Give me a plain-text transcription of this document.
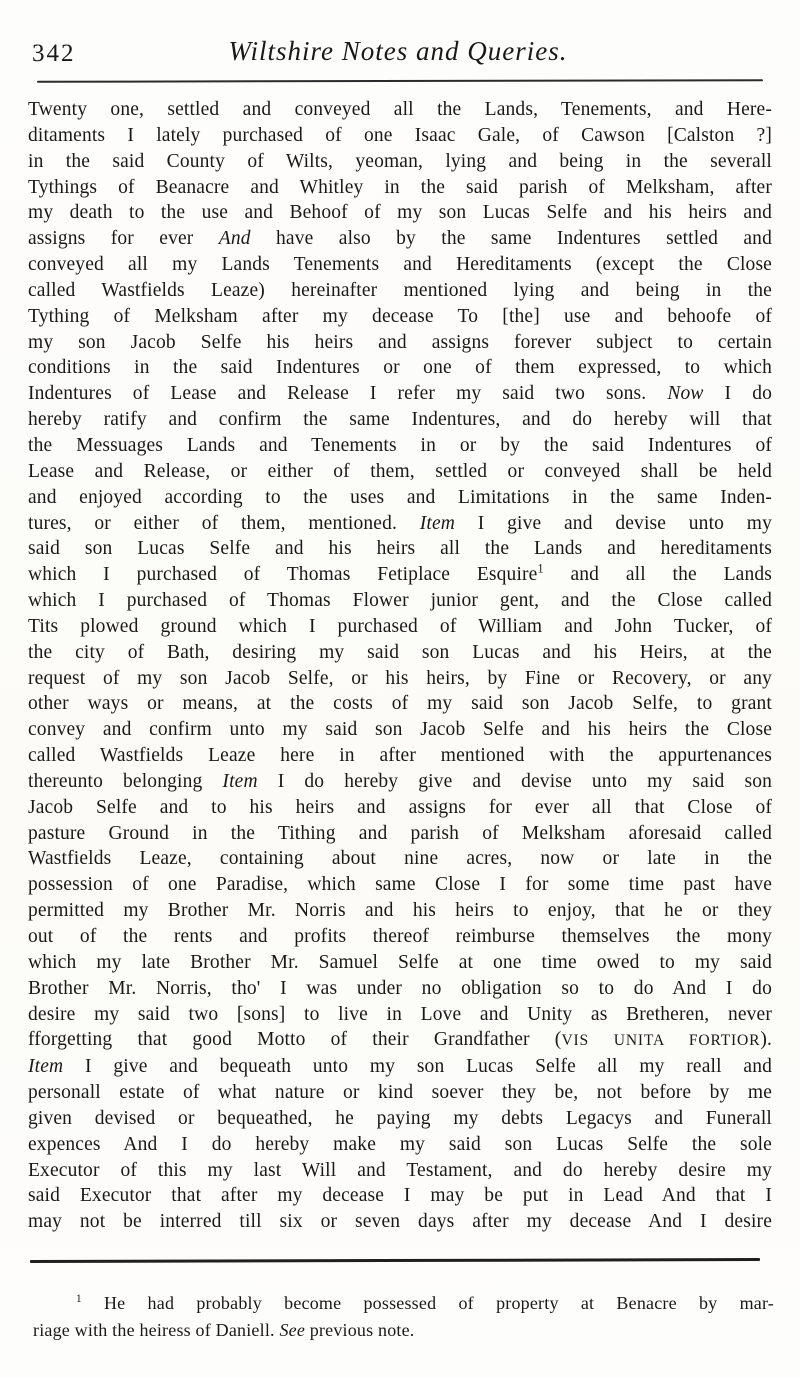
342	Wiltshire Notes and Queries.
Twenty one, settled and conveyed all the Lands, Tenements, and Here-
ditaments I lately purchased of one Isaac Gale, of Cawson [Calston ?]
in the said County of Wilts, yeoman, lying and being in the severall
Tythings of Beanacre and Whitley in the said parish of Melksham, after
my death to the use and Behoof of my son Lucas Selfe and his heirs and
assigns for ever And have also by the same Indentures settled and
conveyed all my Lands Tenements and Hereditaments (except the Close
called Wastfields Leaze) hereinafter mentioned lying and being in the
Tything of Melksham after my decease To [the] use and behoofe of
my son Jacob Selfe his heirs and assigns forever subject to certain
conditions in the said Indentures or one of them expressed, to which
Indentures of Lease and Release I refer my said two sons. Now I do
hereby ratify and confirm the same Indentures, and do hereby will that
the Messuages Lands and Tenements in or by the said Indentures of
Lease and Release, or either of them, settled or conveyed shall be held
and enjoyed according to the uses and Limitations in the same Inden-
tures, or either of them, mentioned. Item I give and devise unto my
said son Lucas Selfe and his heirs all the Lands and hereditaments
which I purchased of Thomas Fetiplace Esquire$^1$ and all the Lands
which I purchased of Thomas Flower junior gent, and the Close called
Tits plowed ground which I purchased of William and John Tucker, of
the city of Bath, desiring my said son Lucas and his Heirs, at the
request of my son Jacob Selfe, or his heirs, by Fine or Recovery, or any
other ways or means, at the costs of my said son Jacob Selfe, to grant
convey and confirm unto my said son Jacob Selfe and his heirs the Close
called Wastfields Leaze here in after mentioned with the appurtenances
thereunto belonging Item I do hereby give and devise unto my said son
Jacob Selfe and to his heirs and assigns for ever all that Close of
pasture Ground in the Tithing and parish of Melksham aforesaid called
Wastfields Leaze, containing about nine acres, now or late in the
possession of one Paradise, which same Close I for some time past have
permitted my Brother Mr. Norris and his heirs to enjoy, that he or they
out of the rents and profits thereof reimburse themselves the mony
which my late Brother Mr. Samuel Selfe at one time owed to my said
Brother Mr. Norris, tho' I was under no obligation so to do And I do
desire my said two [sons] to live in Love and Unity as Bretheren, never
fforgetting that good Motto of their Grandfather (VIS UNITA FORTIOR).
Item I give and bequeath unto my son Lucas Selfe all my reall and
personall estate of what nature or kind soever they be, not before by me
given devised or bequeathed, he paying my debts Legacys and Funerall
expences And I do hereby make my said son Lucas Selfe the sole
Executor of this my last Will and Testament, and do hereby desire my
said Executor that after my decease I may be put in Lead And that I
may not be interred till six or seven days after my decease And I desire
$^1$ He had probably become possessed of property at Benacre by mar-
riage with the heiress of Daniell. See previous note.
